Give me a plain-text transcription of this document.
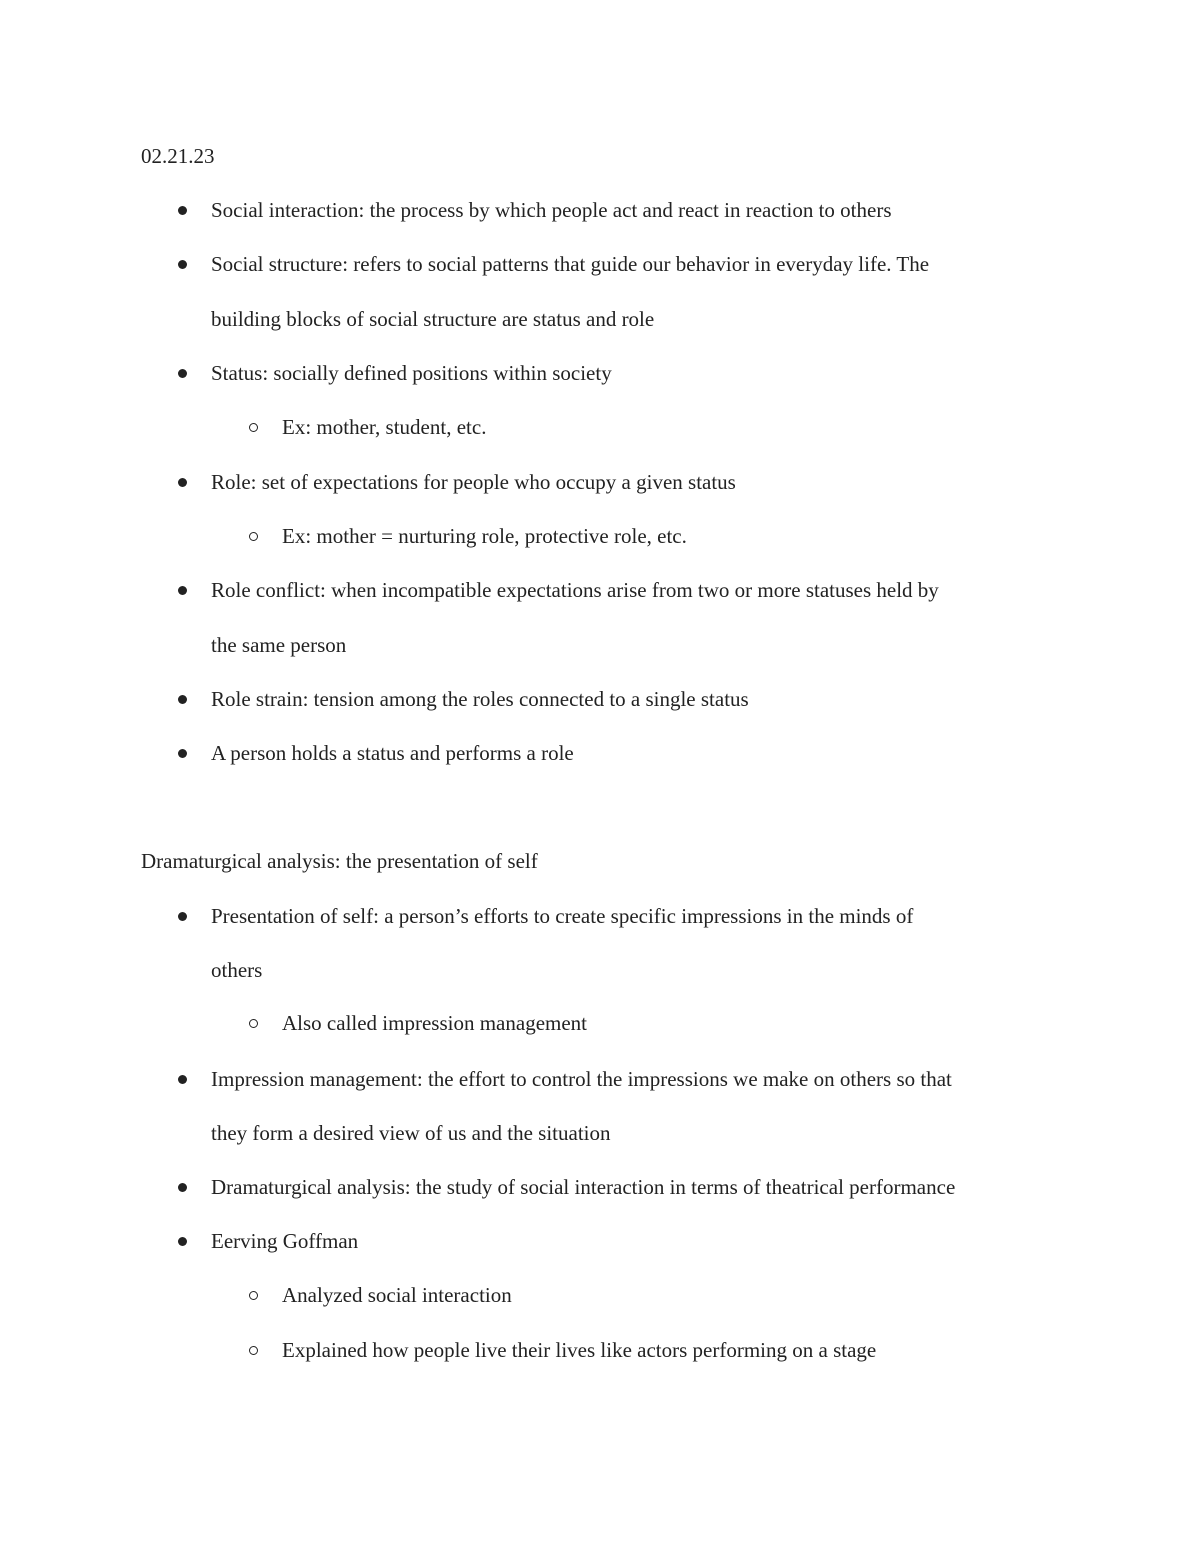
02.21.23
Social interaction: the process by which people act and react in reaction to others
Social structure: refers to social patterns that guide our behavior in everyday life. The
building blocks of social structure are status and role
Status: socially defined positions within society
Ex: mother, student, etc.
Role: set of expectations for people who occupy a given status
Ex: mother = nurturing role, protective role, etc.
Role conflict: when incompatible expectations arise from two or more statuses held by
the same person
Role strain: tension among the roles connected to a single status
A person holds a status and performs a role
Dramaturgical analysis: the presentation of self
Presentation of self: a person’s efforts to create specific impressions in the minds of
others
Also called impression management
Impression management: the effort to control the impressions we make on others so that
they form a desired view of us and the situation
Dramaturgical analysis: the study of social interaction in terms of theatrical performance
Eerving Goffman
Analyzed social interaction
Explained how people live their lives like actors performing on a stage
